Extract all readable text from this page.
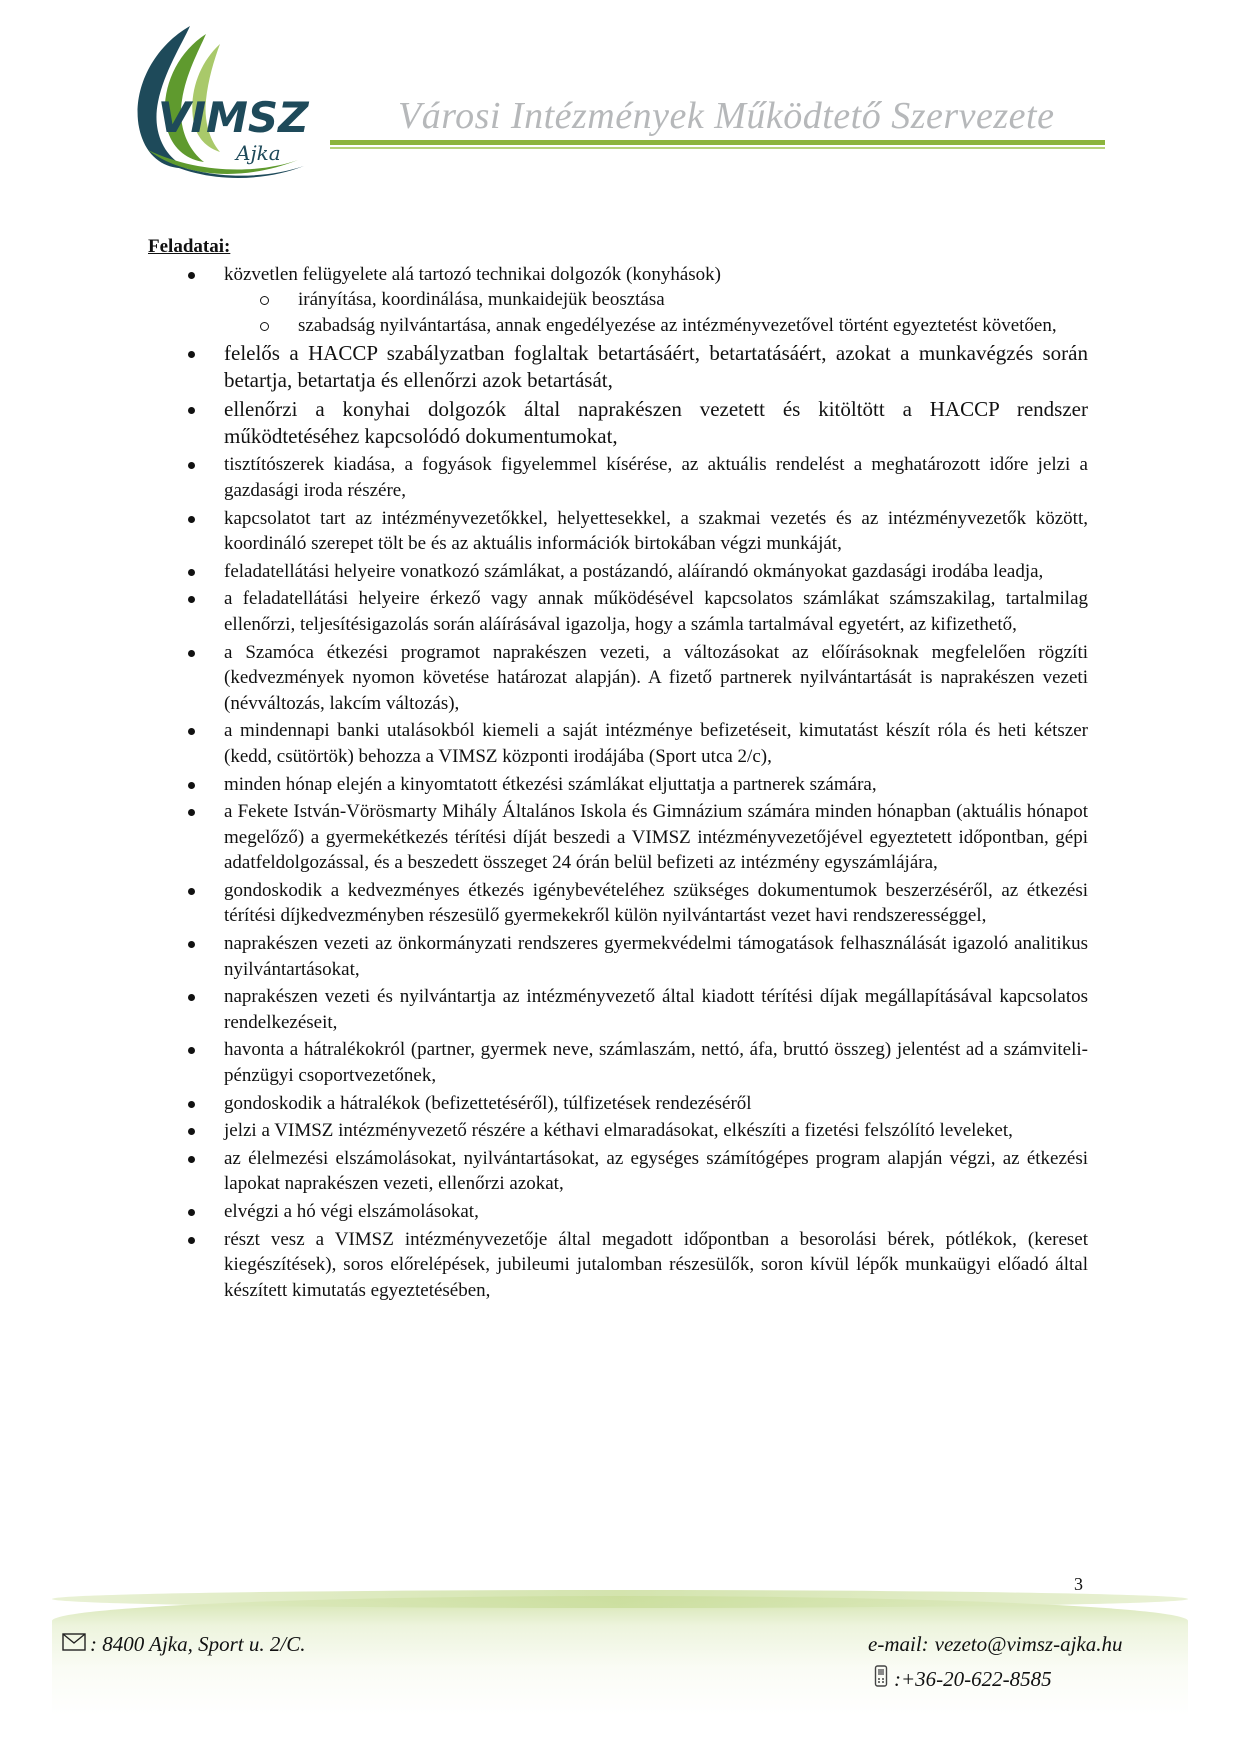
VIMSZ
Ajka
Városi Intézmények Működtető Szervezete
Feladatai:
közvetlen felügyelete alá tartozó technikai dolgozók (konyhások)
irányítása, koordinálása, munkaidejük beosztása
szabadság nyilvántartása, annak engedélyezése az intézményvezetővel történt egyeztetést követően,
felelős a HACCP szabályzatban foglaltak betartásáért, betartatásáért, azokat a munkavégzés során betartja, betartatja és ellenőrzi azok betartását,
ellenőrzi a konyhai dolgozók által naprakészen vezetett és kitöltött a HACCP rendszer működtetéséhez kapcsolódó dokumentumokat,
tisztítószerek kiadása, a fogyások figyelemmel kísérése, az aktuális rendelést a meghatározott időre jelzi a gazdasági iroda részére,
kapcsolatot tart az intézményvezetőkkel, helyettesekkel, a szakmai vezetés és az intézményvezetők között, koordináló szerepet tölt be és az aktuális információk birtokában végzi munkáját,
feladatellátási helyeire vonatkozó számlákat, a postázandó, aláírandó okmányokat gazdasági irodába leadja,
a feladatellátási helyeire érkező vagy annak működésével kapcsolatos számlákat számszakilag, tartalmilag ellenőrzi, teljesítésigazolás során aláírásával igazolja, hogy a számla tartalmával egyetért, az kifizethető,
a Szamóca étkezési programot naprakészen vezeti, a változásokat az előírásoknak megfelelően rögzíti (kedvezmények nyomon követése határozat alapján). A fizető partnerek nyilvántartását is naprakészen vezeti (névváltozás, lakcím változás),
a mindennapi banki utalásokból kiemeli a saját intézménye befizetéseit, kimutatást készít róla és heti kétszer (kedd, csütörtök) behozza a VIMSZ központi irodájába (Sport utca 2/c),
minden hónap elején a kinyomtatott étkezési számlákat eljuttatja a partnerek számára,
a Fekete István-Vörösmarty Mihály Általános Iskola és Gimnázium számára minden hónapban (aktuális hónapot megelőző) a gyermekétkezés térítési díját beszedi a VIMSZ intézményvezetőjével egyeztetett időpontban, gépi adatfeldolgozással, és a beszedett összeget 24 órán belül befizeti az intézmény egyszámlájára,
gondoskodik a kedvezményes étkezés igénybevételéhez szükséges dokumentumok beszerzéséről, az étkezési térítési díjkedvezményben részesülő gyermekekről külön nyilvántartást vezet havi rendszerességgel,
naprakészen vezeti az önkormányzati rendszeres gyermekvédelmi támogatások felhasználását igazoló analitikus nyilvántartásokat,
naprakészen vezeti és nyilvántartja az intézményvezető által kiadott térítési díjak megállapításával kapcsolatos rendelkezéseit,
havonta a hátralékokról (partner, gyermek neve, számlaszám, nettó, áfa, bruttó összeg) jelentést ad a számviteli-pénzügyi csoportvezetőnek,
gondoskodik a hátralékok (befizettetéséről), túlfizetések rendezéséről
jelzi a VIMSZ intézményvezető részére a kéthavi elmaradásokat, elkészíti a fizetési felszólító leveleket,
az élelmezési elszámolásokat, nyilvántartásokat, az egységes számítógépes program alapján végzi, az étkezési lapokat naprakészen vezeti, ellenőrzi azokat,
elvégzi a hó végi elszámolásokat,
részt vesz a VIMSZ intézményvezetője által megadott időpontban a besorolási bérek, pótlékok, (kereset kiegészítések), soros előrelépések, jubileumi jutalomban részesülők, soron kívül lépők munkaügyi előadó által készített kimutatás egyeztetésében,
3
: 8400 Ajka, Sport u. 2/C.	e-mail: vezeto@vimsz-ajka.hu
:+36-20-622-8585
